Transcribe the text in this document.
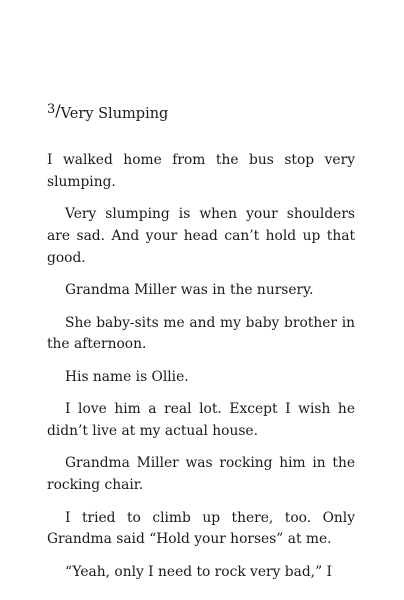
3/Very Slumping

I walked home from the bus stop very slumping.

Very slumping is when your shoulders are sad. And your head can’t hold up that good.

Grandma Miller was in the nursery.

She baby-sits me and my baby brother in the afternoon.

His name is Ollie.

I love him a real lot. Except I wish he didn’t live at my actual house.

Grandma Miller was rocking him in the rocking chair.

I tried to climb up there, too. Only Grandma said “Hold your horses” at me.

“Yeah, only I need to rock very bad,” I
